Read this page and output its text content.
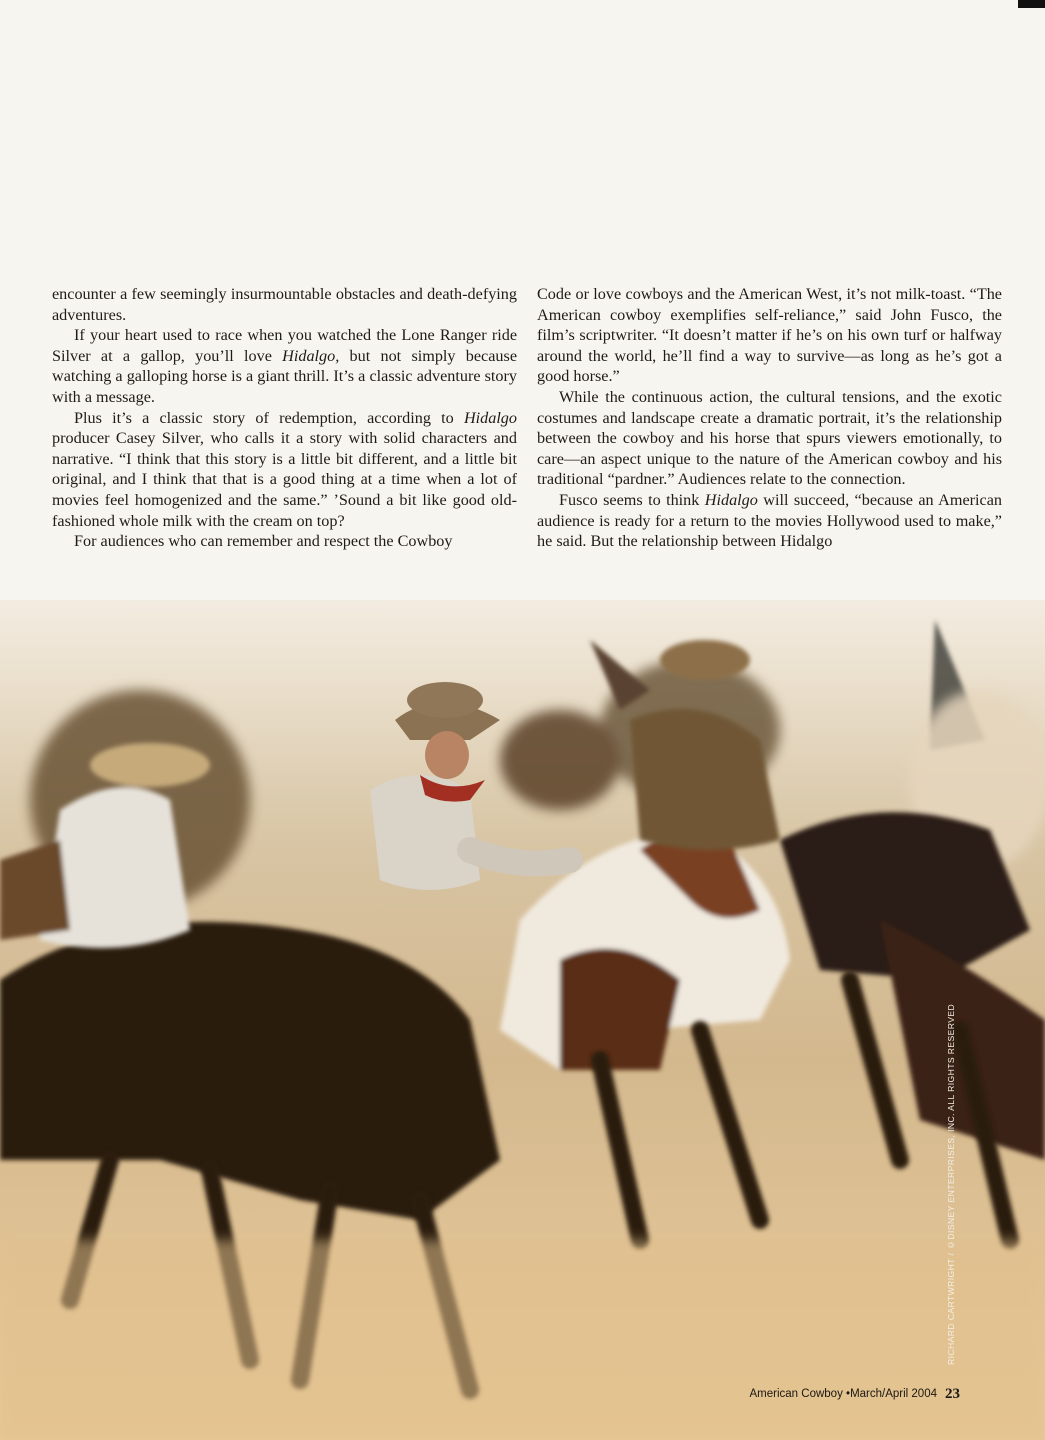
encounter a few seemingly insurmountable obstacles and death-defying adventures.

If your heart used to race when you watched the Lone Ranger ride Silver at a gallop, you’ll love Hidalgo, but not simply because watching a galloping horse is a giant thrill. It’s a classic adventure story with a message.

Plus it’s a classic story of redemption, according to Hidalgo producer Casey Silver, who calls it a story with solid characters and narrative. “I think that this story is a little bit different, and a little bit original, and I think that that is a good thing at a time when a lot of movies feel homogenized and the same.” ’Sound a bit like good old-fashioned whole milk with the cream on top?

For audiences who can remember and respect the Cowboy

Code or love cowboys and the American West, it’s not milk-toast. “The American cowboy exemplifies self-reliance,” said John Fusco, the film’s scriptwriter. “It doesn’t matter if he’s on his own turf or halfway around the world, he’ll find a way to survive—as long as he’s got a good horse.”

While the continuous action, the cultural tensions, and the exotic costumes and landscape create a dramatic portrait, it’s the relationship between the cowboy and his horse that spurs viewers emotionally, to care—an aspect unique to the nature of the American cowboy and his traditional “pardner.” Audiences relate to the connection.

Fusco seems to think Hidalgo will succeed, “because an American audience is ready for a return to the movies Hollywood used to make,” he said. But the relationship between Hidalgo

RICHARD CARTWRIGHT / ©DISNEY ENTERPRISES, INC. ALL RIGHTS RESERVED
American Cowboy •March/April 2004 23
